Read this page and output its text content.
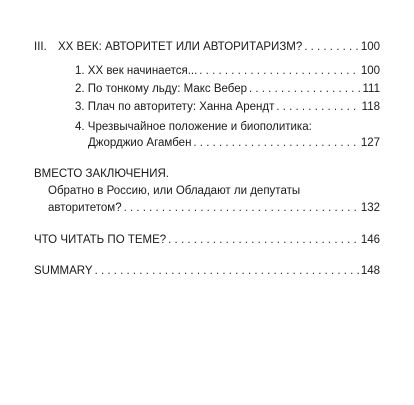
III. XX ВЕК: АВТОРИТЕТ ИЛИ АВТОРИТАРИЗМ? . . .	100
1. XX век начинается... . . .	100
2. По тонкому льду: Макс Вебер . . .	111
3. Плач по авторитету: Ханна Арендт . . .	118
4. Чрезвычайное положение и биополитика:
Джорджио Агамбен . . .	127
ВМЕСТО ЗАКЛЮЧЕНИЯ.
Обратно в Россию, или Обладают ли депутаты
авторитетом? . . .	132
ЧТО ЧИТАТЬ ПО ТЕМЕ? . . .	146
SUMMARY . . .	148
